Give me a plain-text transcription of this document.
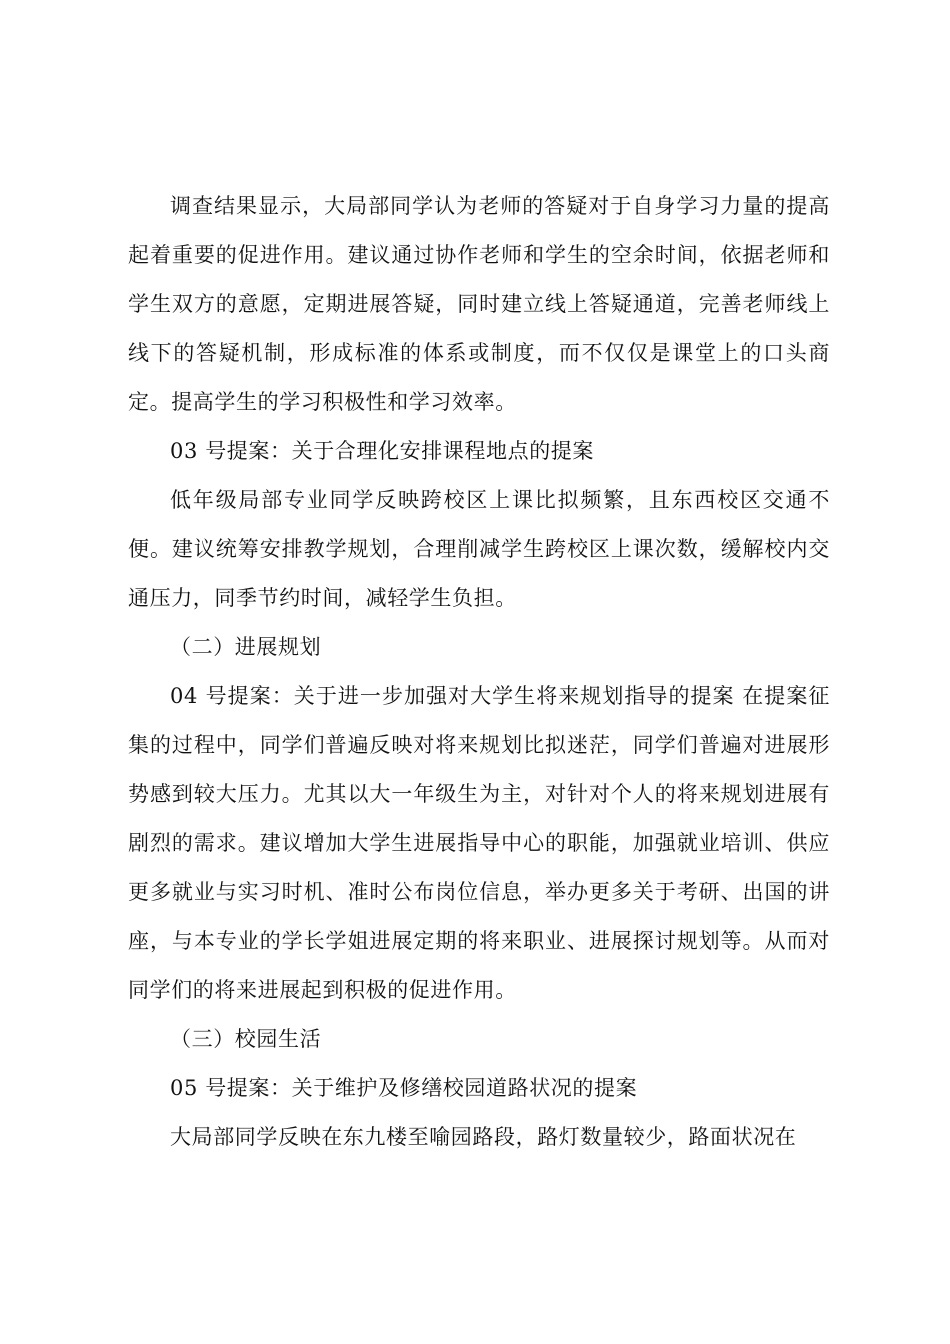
调查结果显示，大局部同学认为老师的答疑对于自身学习力量的提高起着重要的促进作用。建议通过协作老师和学生的空余时间，依据老师和学生双方的意愿，定期进展答疑，同时建立线上答疑通道，完善老师线上线下的答疑机制，形成标准的体系或制度，而不仅仅是课堂上的口头商定。提高学生的学习积极性和学习效率。

03 号提案：关于合理化安排课程地点的提案

低年级局部专业同学反映跨校区上课比拟频繁，且东西校区交通不便。建议统筹安排教学规划，合理削减学生跨校区上课次数，缓解校内交通压力，同季节约时间，减轻学生负担。

（二）进展规划

04 号提案：关于进一步加强对大学生将来规划指导的提案 在提案征集的过程中，同学们普遍反映对将来规划比拟迷茫，同学们普遍对进展形势感到较大压力。尤其以大一年级生为主，对针对个人的将来规划进展有剧烈的需求。建议增加大学生进展指导中心的职能，加强就业培训、供应更多就业与实习时机、准时公布岗位信息，举办更多关于考研、出国的讲座，与本专业的学长学姐进展定期的将来职业、进展探讨规划等。从而对同学们的将来进展起到积极的促进作用。

（三）校园生活

05 号提案：关于维护及修缮校园道路状况的提案

大局部同学反映在东九楼至喻园路段，路灯数量较少，路面状况在
